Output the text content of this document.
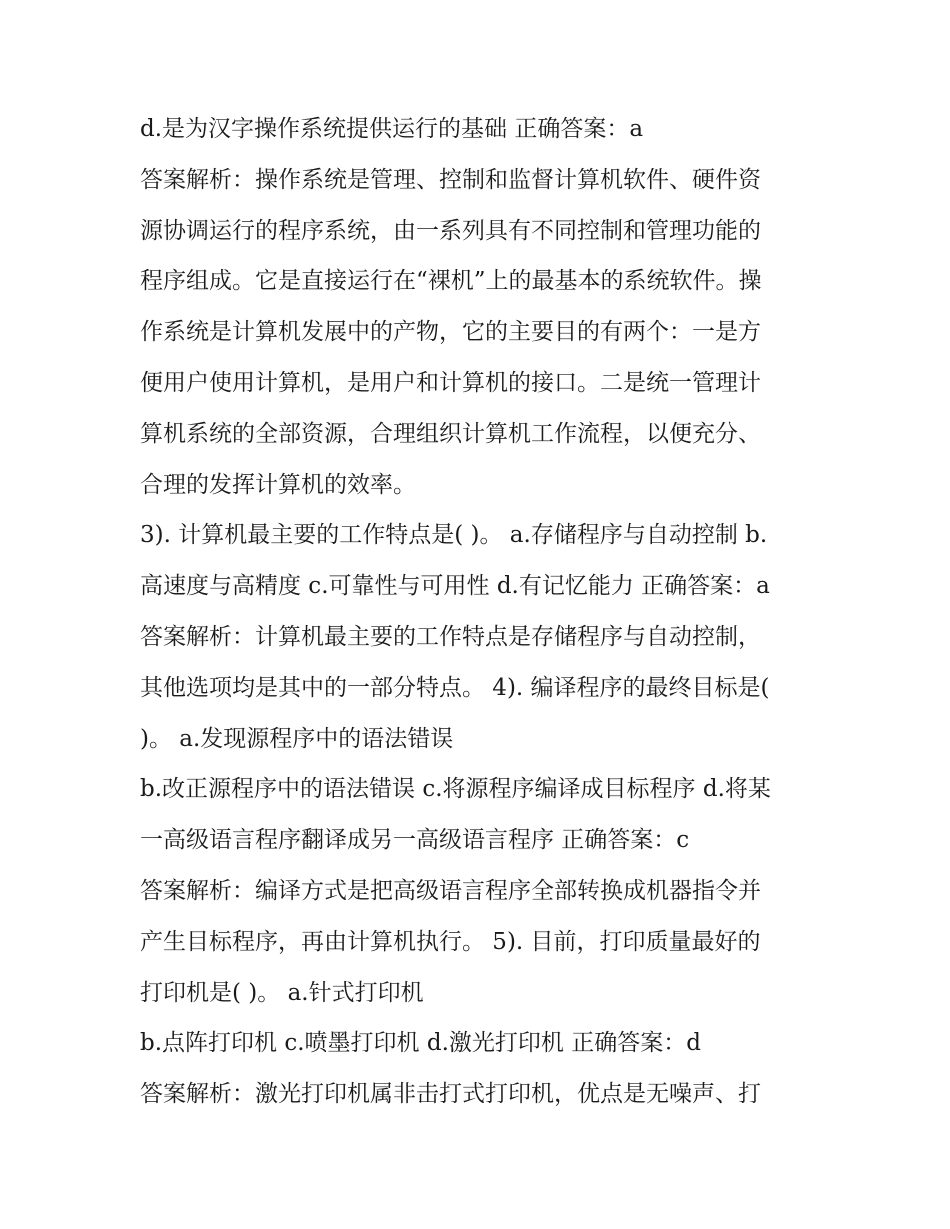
d.是为汉字操作系统提供运行的基础 正确答案：a
答案解析：操作系统是管理、控制和监督计算机软件、硬件资
源协调运行的程序系统，由一系列具有不同控制和管理功能的
程序组成。它是直接运行在“裸机”上的最基本的系统软件。操
作系统是计算机发展中的产物，它的主要目的有两个：一是方
便用户使用计算机，是用户和计算机的接口。二是统一管理计
算机系统的全部资源，合理组织计算机工作流程，以便充分、
合理的发挥计算机的效率。
3). 计算机最主要的工作特点是( )。 a.存储程序与自动控制 b.
高速度与高精度 c.可靠性与可用性 d.有记忆能力 正确答案：a
答案解析：计算机最主要的工作特点是存储程序与自动控制，
其他选项均是其中的一部分特点。 4). 编译程序的最终目标是(
)。 a.发现源程序中的语法错误
b.改正源程序中的语法错误 c.将源程序编译成目标程序 d.将某
一高级语言程序翻译成另一高级语言程序 正确答案：c
答案解析：编译方式是把高级语言程序全部转换成机器指令并
产生目标程序，再由计算机执行。 5). 目前，打印质量最好的
打印机是( )。 a.针式打印机
b.点阵打印机 c.喷墨打印机 d.激光打印机 正确答案：d
答案解析：激光打印机属非击打式打印机，优点是无噪声、打
